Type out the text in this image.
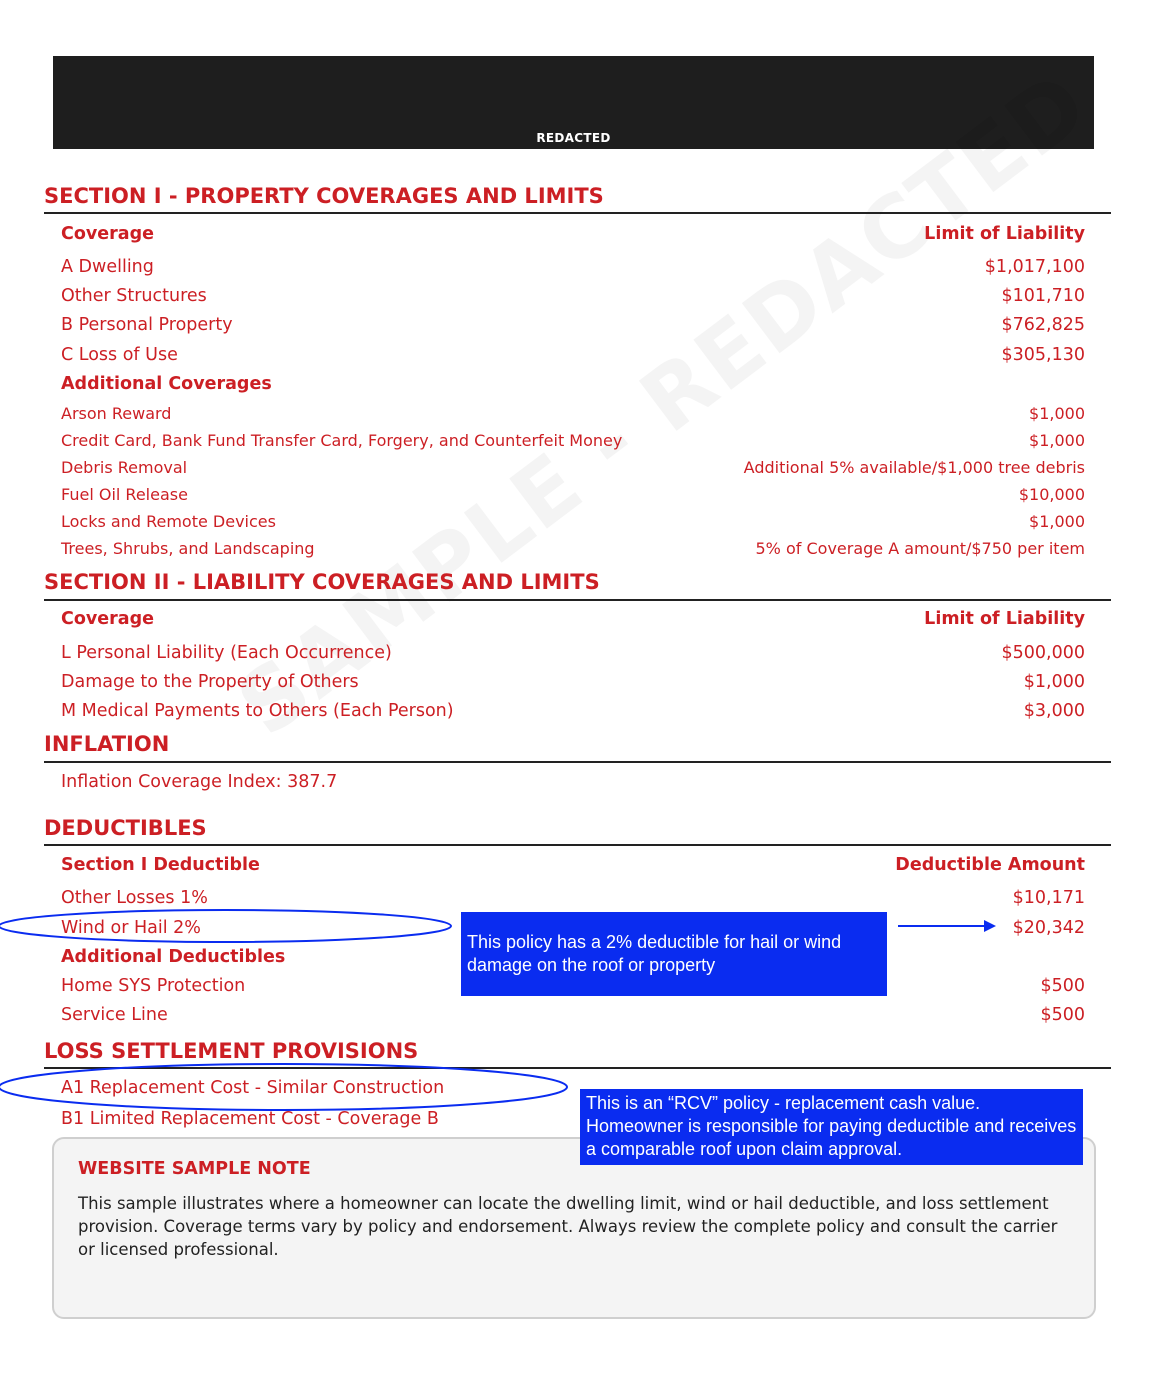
REDACTED
SECTION I - PROPERTY COVERAGES AND LIMITS
Coverage	Limit of Liability
A Dwelling	$1,017,100
Other Structures	$101,710
B Personal Property	$762,825
C Loss of Use	$305,130
Additional Coverages
Arson Reward	$1,000
Credit Card, Bank Fund Transfer Card, Forgery, and Counterfeit Money	$1,000
Debris Removal	Additional 5% available/$1,000 tree debris
Fuel Oil Release	$10,000
Locks and Remote Devices	$1,000
Trees, Shrubs, and Landscaping	5% of Coverage A amount/$750 per item
SECTION II - LIABILITY COVERAGES AND LIMITS
Coverage	Limit of Liability
L Personal Liability (Each Occurrence)	$500,000
Damage to the Property of Others	$1,000
M Medical Payments to Others (Each Person)	$3,000
INFLATION
Inflation Coverage Index: 387.7
DEDUCTIBLES
Section I Deductible	Deductible Amount
Other Losses 1%	$10,171
Wind or Hail 2%	$20,342
Additional Deductibles
Home SYS Protection	$500
Service Line	$500
LOSS SETTLEMENT PROVISIONS
A1 Replacement Cost - Similar Construction
B1 Limited Replacement Cost - Coverage B
WEBSITE SAMPLE NOTE
This sample illustrates where a homeowner can locate the dwelling limit, wind or hail deductible, and loss settlement provision. Coverage terms vary by policy and endorsement. Always review the complete policy and consult the carrier or licensed professional.
This policy has a 2% deductible for hail or wind damage on the roof or property
This is an “RCV” policy - replacement cash value. Homeowner is responsible for paying deductible and receives a comparable roof upon claim approval.
